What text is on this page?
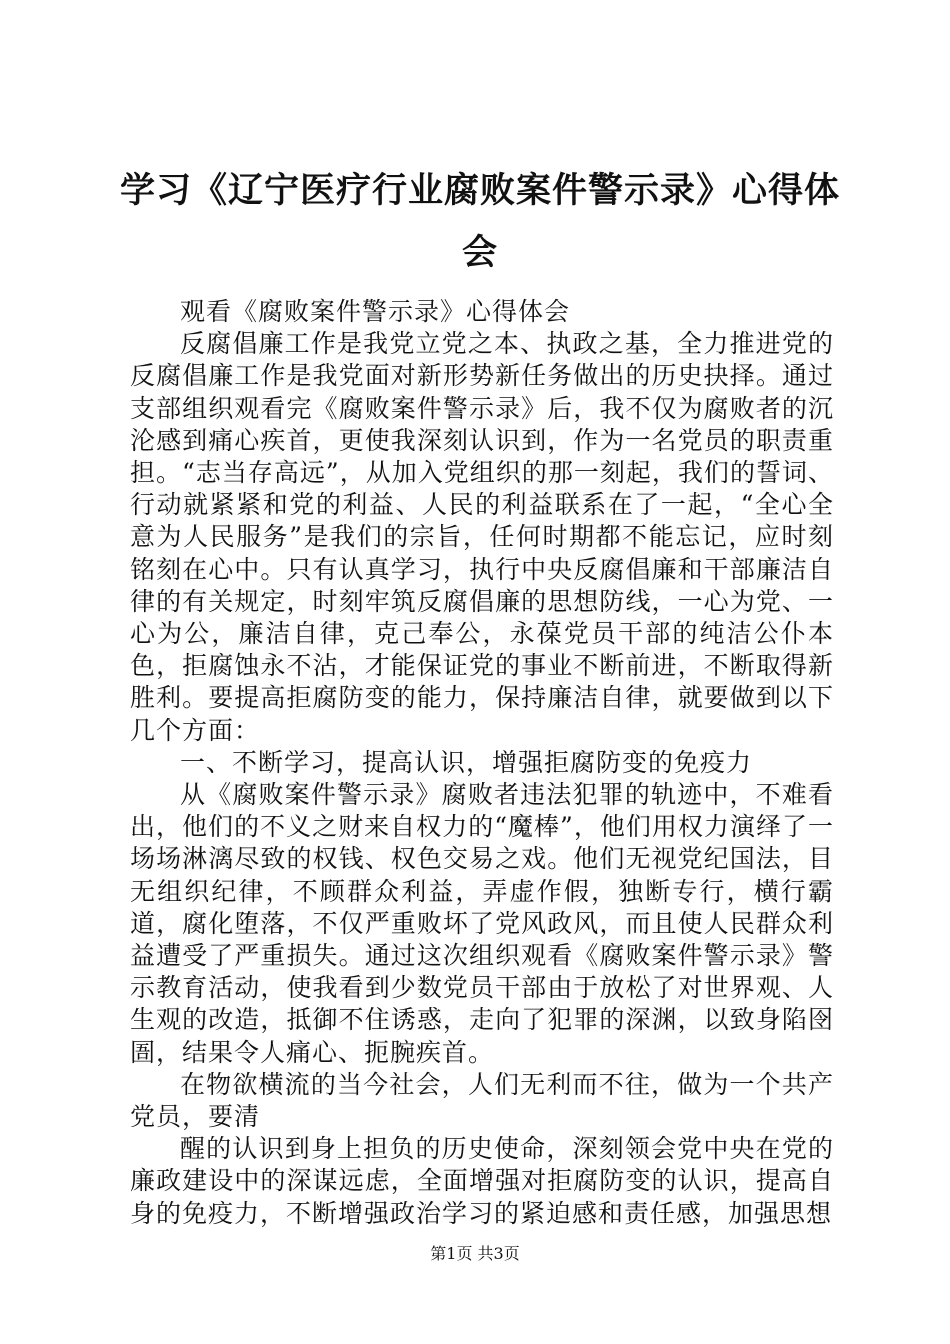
学习《辽宁医疗行业腐败案件警示录》心得体会

观看《腐败案件警示录》心得体会

反腐倡廉工作是我党立党之本、执政之基，全力推进党的反腐倡廉工作是我党面对新形势新任务做出的历史抉择。通过支部组织观看完《腐败案件警示录》后，我不仅为腐败者的沉沦感到痛心疾首，更使我深刻认识到，作为一名党员的职责重担。“志当存高远”，从加入党组织的那一刻起，我们的誓词、行动就紧紧和党的利益、人民的利益联系在了一起，“全心全意为人民服务”是我们的宗旨，任何时期都不能忘记，应时刻铭刻在心中。只有认真学习，执行中央反腐倡廉和干部廉洁自律的有关规定，时刻牢筑反腐倡廉的思想防线，一心为党、一心为公，廉洁自律，克己奉公，永葆党员干部的纯洁公仆本色，拒腐蚀永不沾，才能保证党的事业不断前进，不断取得新胜利。要提高拒腐防变的能力，保持廉洁自律，就要做到以下几个方面：

一、不断学习，提高认识，增强拒腐防变的免疫力

从《腐败案件警示录》腐败者违法犯罪的轨迹中，不难看出，他们的不义之财来自权力的“魔棒”，他们用权力演绎了一场场淋漓尽致的权钱、权色交易之戏。他们无视党纪国法，目无组织纪律，不顾群众利益，弄虚作假，独断专行，横行霸道，腐化堕落，不仅严重败坏了党风政风，而且使人民群众利益遭受了严重损失。通过这次组织观看《腐败案件警示录》警示教育活动，使我看到少数党员干部由于放松了对世界观、人生观的改造，抵御不住诱惑，走向了犯罪的深渊，以致身陷囹圄，结果令人痛心、扼腕疾首。

在物欲横流的当今社会，人们无利而不往，做为一个共产党员，要清

醒的认识到身上担负的历史使命，深刻领会党中央在党的廉政建设中的深谋远虑，全面增强对拒腐防变的认识，提高自身的免疫力，不断增强政治学习的紧迫感和责任感，加强思想

第1页 共3页
